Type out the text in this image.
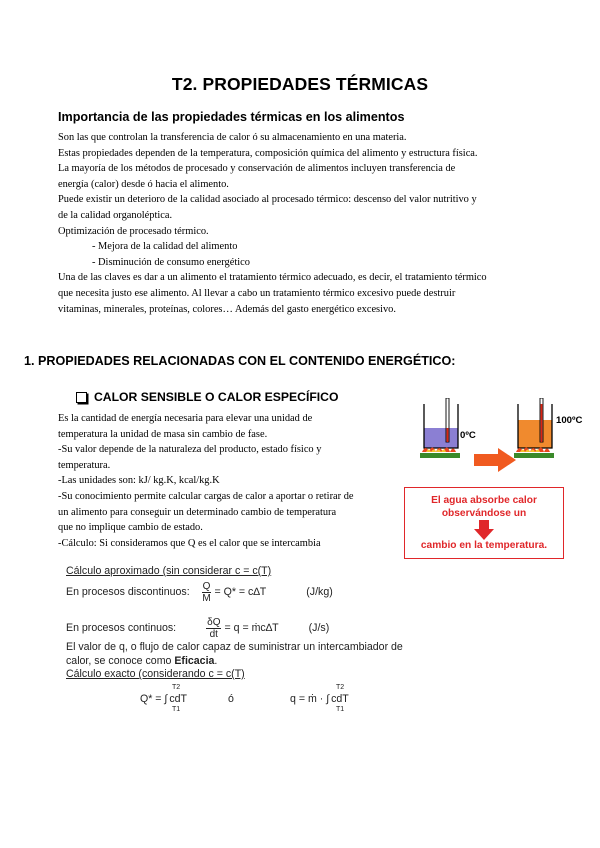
T2. PROPIEDADES TÉRMICAS
Importancia de las propiedades térmicas en los alimentos

Son las que controlan la transferencia de calor ó su almacenamiento en una materia.

Estas propiedades dependen de la temperatura, composición química del alimento y estructura física.

La mayoría de los métodos de procesado y conservación de alimentos incluyen transferencia de

energía (calor) desde ó hacia el alimento.

Puede existir un deterioro de la calidad asociado al procesado térmico: descenso del valor nutritivo y

de la calidad organoléptica.

Optimización de procesado térmico.

- Mejora de la calidad del alimento

- Disminución de consumo energético

Una de las claves es dar a un alimento el tratamiento térmico adecuado, es decir, el tratamiento térmico

que necesita justo ese alimento. Al llevar a cabo un tratamiento térmico excesivo puede destruir

vitaminas, minerales, proteínas, colores… Además del gasto energético excesivo.

1. PROPIEDADES RELACIONADAS CON EL CONTENIDO ENERGÉTICO:
CALOR SENSIBLE O CALOR ESPECÍFICO

Es la cantidad de energía necesaria para elevar una unidad de

temperatura la unidad de masa sin cambio de fase.

-Su valor depende de la naturaleza del producto, estado físico y

temperatura.

-Las unidades son: kJ/ kg.K, kcal/kg.K

-Su conocimiento permite calcular cargas de calor a aportar o retirar de

un alimento para conseguir un determinado cambio de temperatura

que no implique cambio de estado.

-Cálculo: Si consideramos que Q es el calor que se intercambia

0ºC
100ºC
El agua absorbe calor
observándose un
cambio en la temperatura.
Cálculo aproximado (sin considerar c = c(T)
En procesos discontinuos: $\frac{Q}{M} = Q* = c\Delta T$	(J/kg)
En procesos continuos:	$\frac{\delta Q}{dt} = q$ = ṁc∆T	(J/s)
El valor de q, o flujo de calor capaz de suministrar un intercambiador de
calor, se conoce como Eficacia.
Cálculo exacto (considerando c = c(T)
Q* = ∫ cdT
T2
T1
ó	q = ṁ · ∫ cdT
T2
T1
